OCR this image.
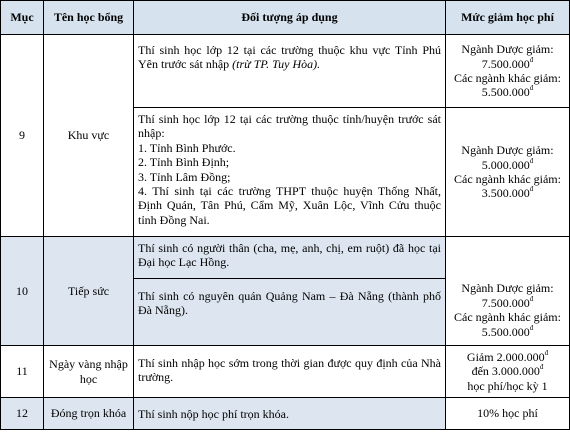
Mục	Tên học bổng	Đối tượng áp dụng	Mức giảm học phí
9	Khu vực	Thí sinh học lớp 12 tại các trường thuộc khu vực Tỉnh Phú Yên trước sát nhập (trừ TP. Tuy Hòa).	Ngành Dược giảm: $7.500.000^đ$
Các ngành khác giảm: $5.500.000^đ$

		Thí sinh học lớp 12 tại các trường thuộc tỉnh/huyện trước sát nhập:
1. Tỉnh Bình Phước.
2. Tỉnh Bình Định;
3. Tỉnh Lâm Đồng;
4. Thí sinh tại các trường THPT thuộc huyện Thống Nhất, Định Quán, Tân Phú, Cẩm Mỹ, Xuân Lộc, Vĩnh Cửu thuộc tỉnh Đồng Nai.	Ngành Dược giảm: $5.000.000^đ$
Các ngành khác giảm: $3.500.000^đ$

10	Tiếp sức	Thí sinh có người thân (cha, mẹ, anh, chị, em ruột) đã học tại Đại học Lạc Hồng.	Ngành Dược giảm: $7.500.000^đ$
Các ngành khác giảm: $5.500.000^đ$

		Thí sinh có nguyên quán Quảng Nam – Đà Nẵng (thành phố Đà Nẵng).	
11	Ngày vàng nhập học	Thí sinh nhập học sớm trong thời gian được quy định của Nhà trường.	Giảm $2.000.000^đ$
đến $3.000.000^đ$
học phí/học kỳ 1

12	Đóng trọn khóa	Thí sinh nộp học phí trọn khóa.	10% học phí
